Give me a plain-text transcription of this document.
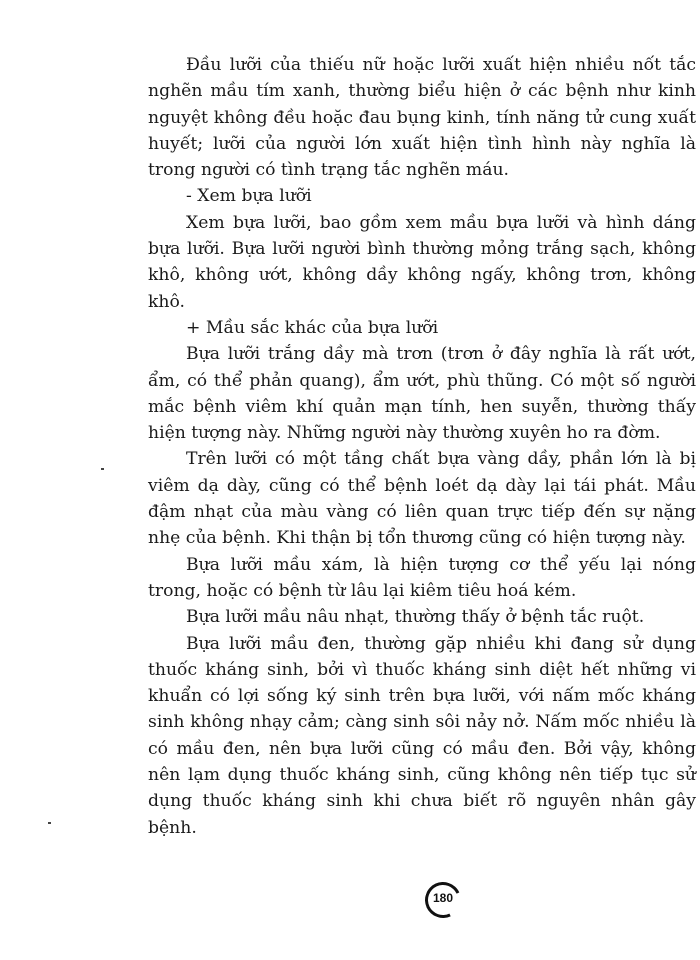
Đầu lưỡi của thiếu nữ hoặc lưỡi xuất hiện nhiều nốt tắc nghẽn mầu tím xanh, thường biểu hiện ở các bệnh như kinh nguyệt không đều hoặc đau bụng kinh, tính năng tử cung xuất huyết; lưỡi của người lớn xuất hiện tình hình này nghĩa là trong người có tình trạng tắc nghẽn máu.

- Xem bựa lưỡi

Xem bựa lưỡi, bao gồm xem mầu bựa lưỡi và hình dáng bựa lưỡi. Bựa lưỡi người bình thường mỏng trắng sạch, không khô, không ướt, không dầy không ngấy, không trơn, không khô.

+ Mầu sắc khác của bựa lưỡi

Bựa lưỡi trắng dầy mà trơn (trơn ở đây nghĩa là rất ướt, ẩm, có thể phản quang), ẩm ướt, phù thũng. Có một số người mắc bệnh viêm khí quản mạn tính, hen suyễn, thường thấy hiện tượng này. Những người này thường xuyên ho ra đờm.

Trên lưỡi có một tầng chất bựa vàng dầy, phần lớn là bị viêm dạ dày, cũng có thể bệnh loét dạ dày lại tái phát. Mầu đậm nhạt của màu vàng có liên quan trực tiếp đến sự nặng nhẹ của bệnh. Khi thận bị tổn thương cũng có hiện tượng này.

Bựa lưỡi mầu xám, là hiện tượng cơ thể yếu lại nóng trong, hoặc có bệnh từ lâu lại kiêm tiêu hoá kém.

Bựa lưỡi mầu nâu nhạt, thường thấy ở bệnh tắc ruột.

Bựa lưỡi mầu đen, thường gặp nhiều khi đang sử dụng thuốc kháng sinh, bởi vì thuốc kháng sinh diệt hết những vi khuẩn có lợi sống ký sinh trên bựa lưỡi, với nấm mốc kháng sinh không nhạy cảm; càng sinh sôi nảy nở. Nấm mốc nhiều là có mầu đen, nên bựa lưỡi cũng có mầu đen. Bởi vậy, không nên lạm dụng thuốc kháng sinh, cũng không nên tiếp tục sử dụng thuốc kháng sinh khi chưa biết rõ nguyên nhân gây bệnh.

180
